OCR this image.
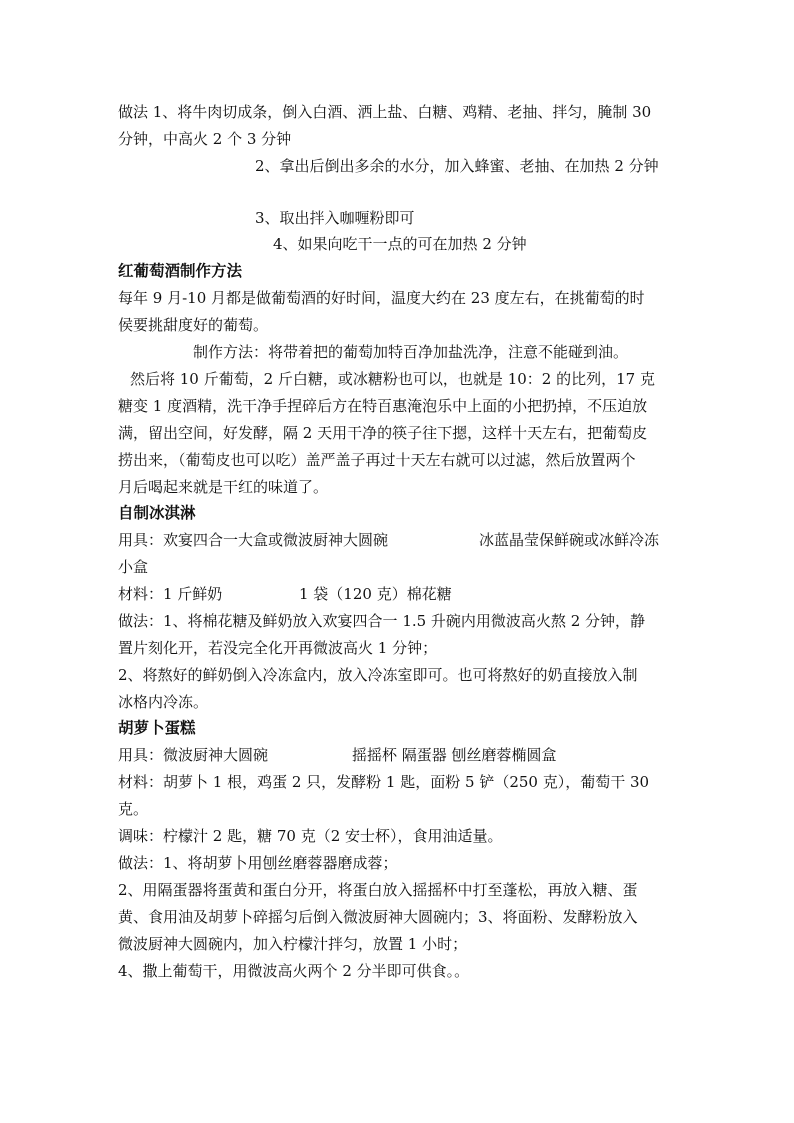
做法 1、将牛肉切成条，倒入白酒、洒上盐、白糖、鸡精、老抽、拌匀，腌制 30

分钟，中高火 2 个 3 分钟

2、拿出后倒出多余的水分，加入蜂蜜、老抽、在加热 2 分钟

3、取出拌入咖喱粉即可

4、如果向吃干一点的可在加热 2 分钟

红葡萄酒制作方法

每年 9 月-10 月都是做葡萄酒的好时间，温度大约在 23 度左右，在挑葡萄的时

侯要挑甜度好的葡萄。

制作方法：将带着把的葡萄加特百净加盐洗净，注意不能碰到油。

然后将 10 斤葡萄，2 斤白糖，或冰糖粉也可以，也就是 10：2 的比列，17 克

糖变 1 度酒精，洗干净手捏碎后方在特百惠淹泡乐中上面的小把扔掉，不压迫放

满，留出空间，好发酵，隔 2 天用干净的筷子往下摁，这样十天左右，把葡萄皮

捞出来，（葡萄皮也可以吃）盖严盖子再过十天左右就可以过滤，然后放置两个

月后喝起来就是干红的味道了。

自制冰淇淋

用具：欢宴四合一大盒或微波厨神大圆碗	冰蓝晶莹保鲜碗或冰鲜冷冻

小盒

材料：1 斤鲜奶	1 袋（120 克）棉花糖

做法：1、将棉花糖及鲜奶放入欢宴四合一 1.5 升碗内用微波高火熬 2 分钟，静

置片刻化开，若没完全化开再微波高火 1 分钟；

2、将熬好的鲜奶倒入冷冻盒内，放入冷冻室即可。也可将熬好的奶直接放入制

冰格内冷冻。

胡萝卜蛋糕

用具：微波厨神大圆碗	摇摇杯 隔蛋器 刨丝磨蓉椭圆盒

材料：胡萝卜 1 根，鸡蛋 2 只，发酵粉 1 匙，面粉 5 铲（250 克），葡萄干 30

克。

调味：柠檬汁 2 匙，糖 70 克（2 安士杯），食用油适量。

做法：1、将胡萝卜用刨丝磨蓉器磨成蓉；

2、用隔蛋器将蛋黄和蛋白分开，将蛋白放入摇摇杯中打至蓬松，再放入糖、蛋

黄、食用油及胡萝卜碎摇匀后倒入微波厨神大圆碗内；3、将面粉、发酵粉放入

微波厨神大圆碗内，加入柠檬汁拌匀，放置 1 小时；

4、撒上葡萄干，用微波高火两个 2 分半即可供食。。
